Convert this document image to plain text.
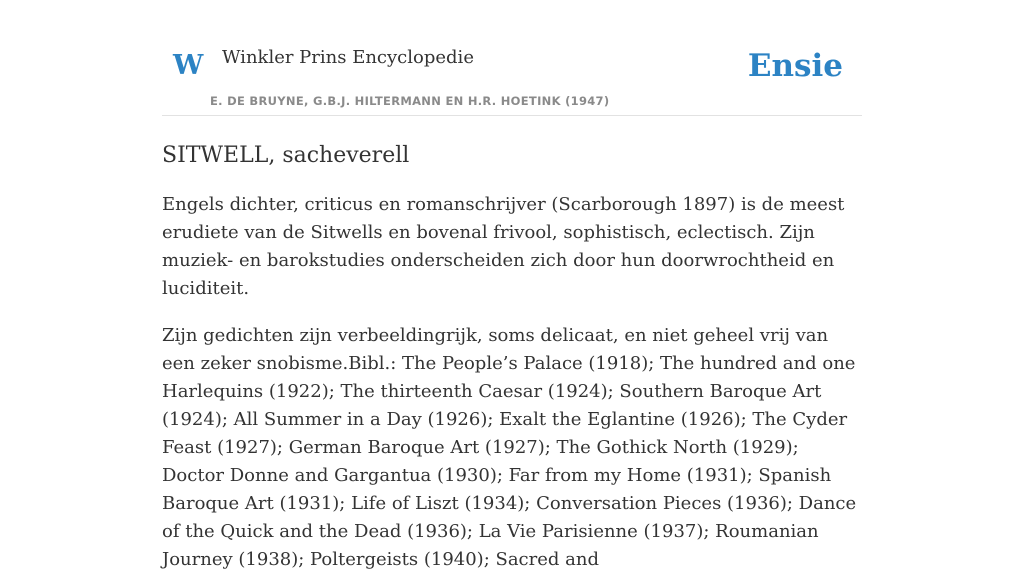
W Winkler Prins Encyclopedie
E. DE BRUYNE, G.B.J. HILTERMANN EN H.R. HOETINK (1947)
Ensie
SITWELL, sacheverell

Engels dichter, criticus en romanschrijver (Scarborough 1897) is de meest erudiete van de Sitwells en bovenal frivool, sophistisch, eclectisch. Zijn muziek- en barokstudies onderscheiden zich door hun doorwrochtheid en luciditeit.

Zijn gedichten zijn verbeeldingrijk, soms delicaat, en niet geheel vrij van een zeker snobisme.Bibl.: The People’s Palace (1918); The hundred and one Harlequins (1922); The thirteenth Caesar (1924); Southern Baroque Art (1924); All Summer in a Day (1926); Exalt the Eglantine (1926); The Cyder Feast (1927); German Baroque Art (1927); The Gothick North (1929); Doctor Donne and Gargantua (1930); Far from my Home (1931); Spanish Baroque Art (1931); Life of Liszt (1934); Conversation Pieces (1936); Dance of the Quick and the Dead (1936); La Vie Parisienne (1937); Roumanian Journey (1938); Poltergeists (1940); Sacred and
